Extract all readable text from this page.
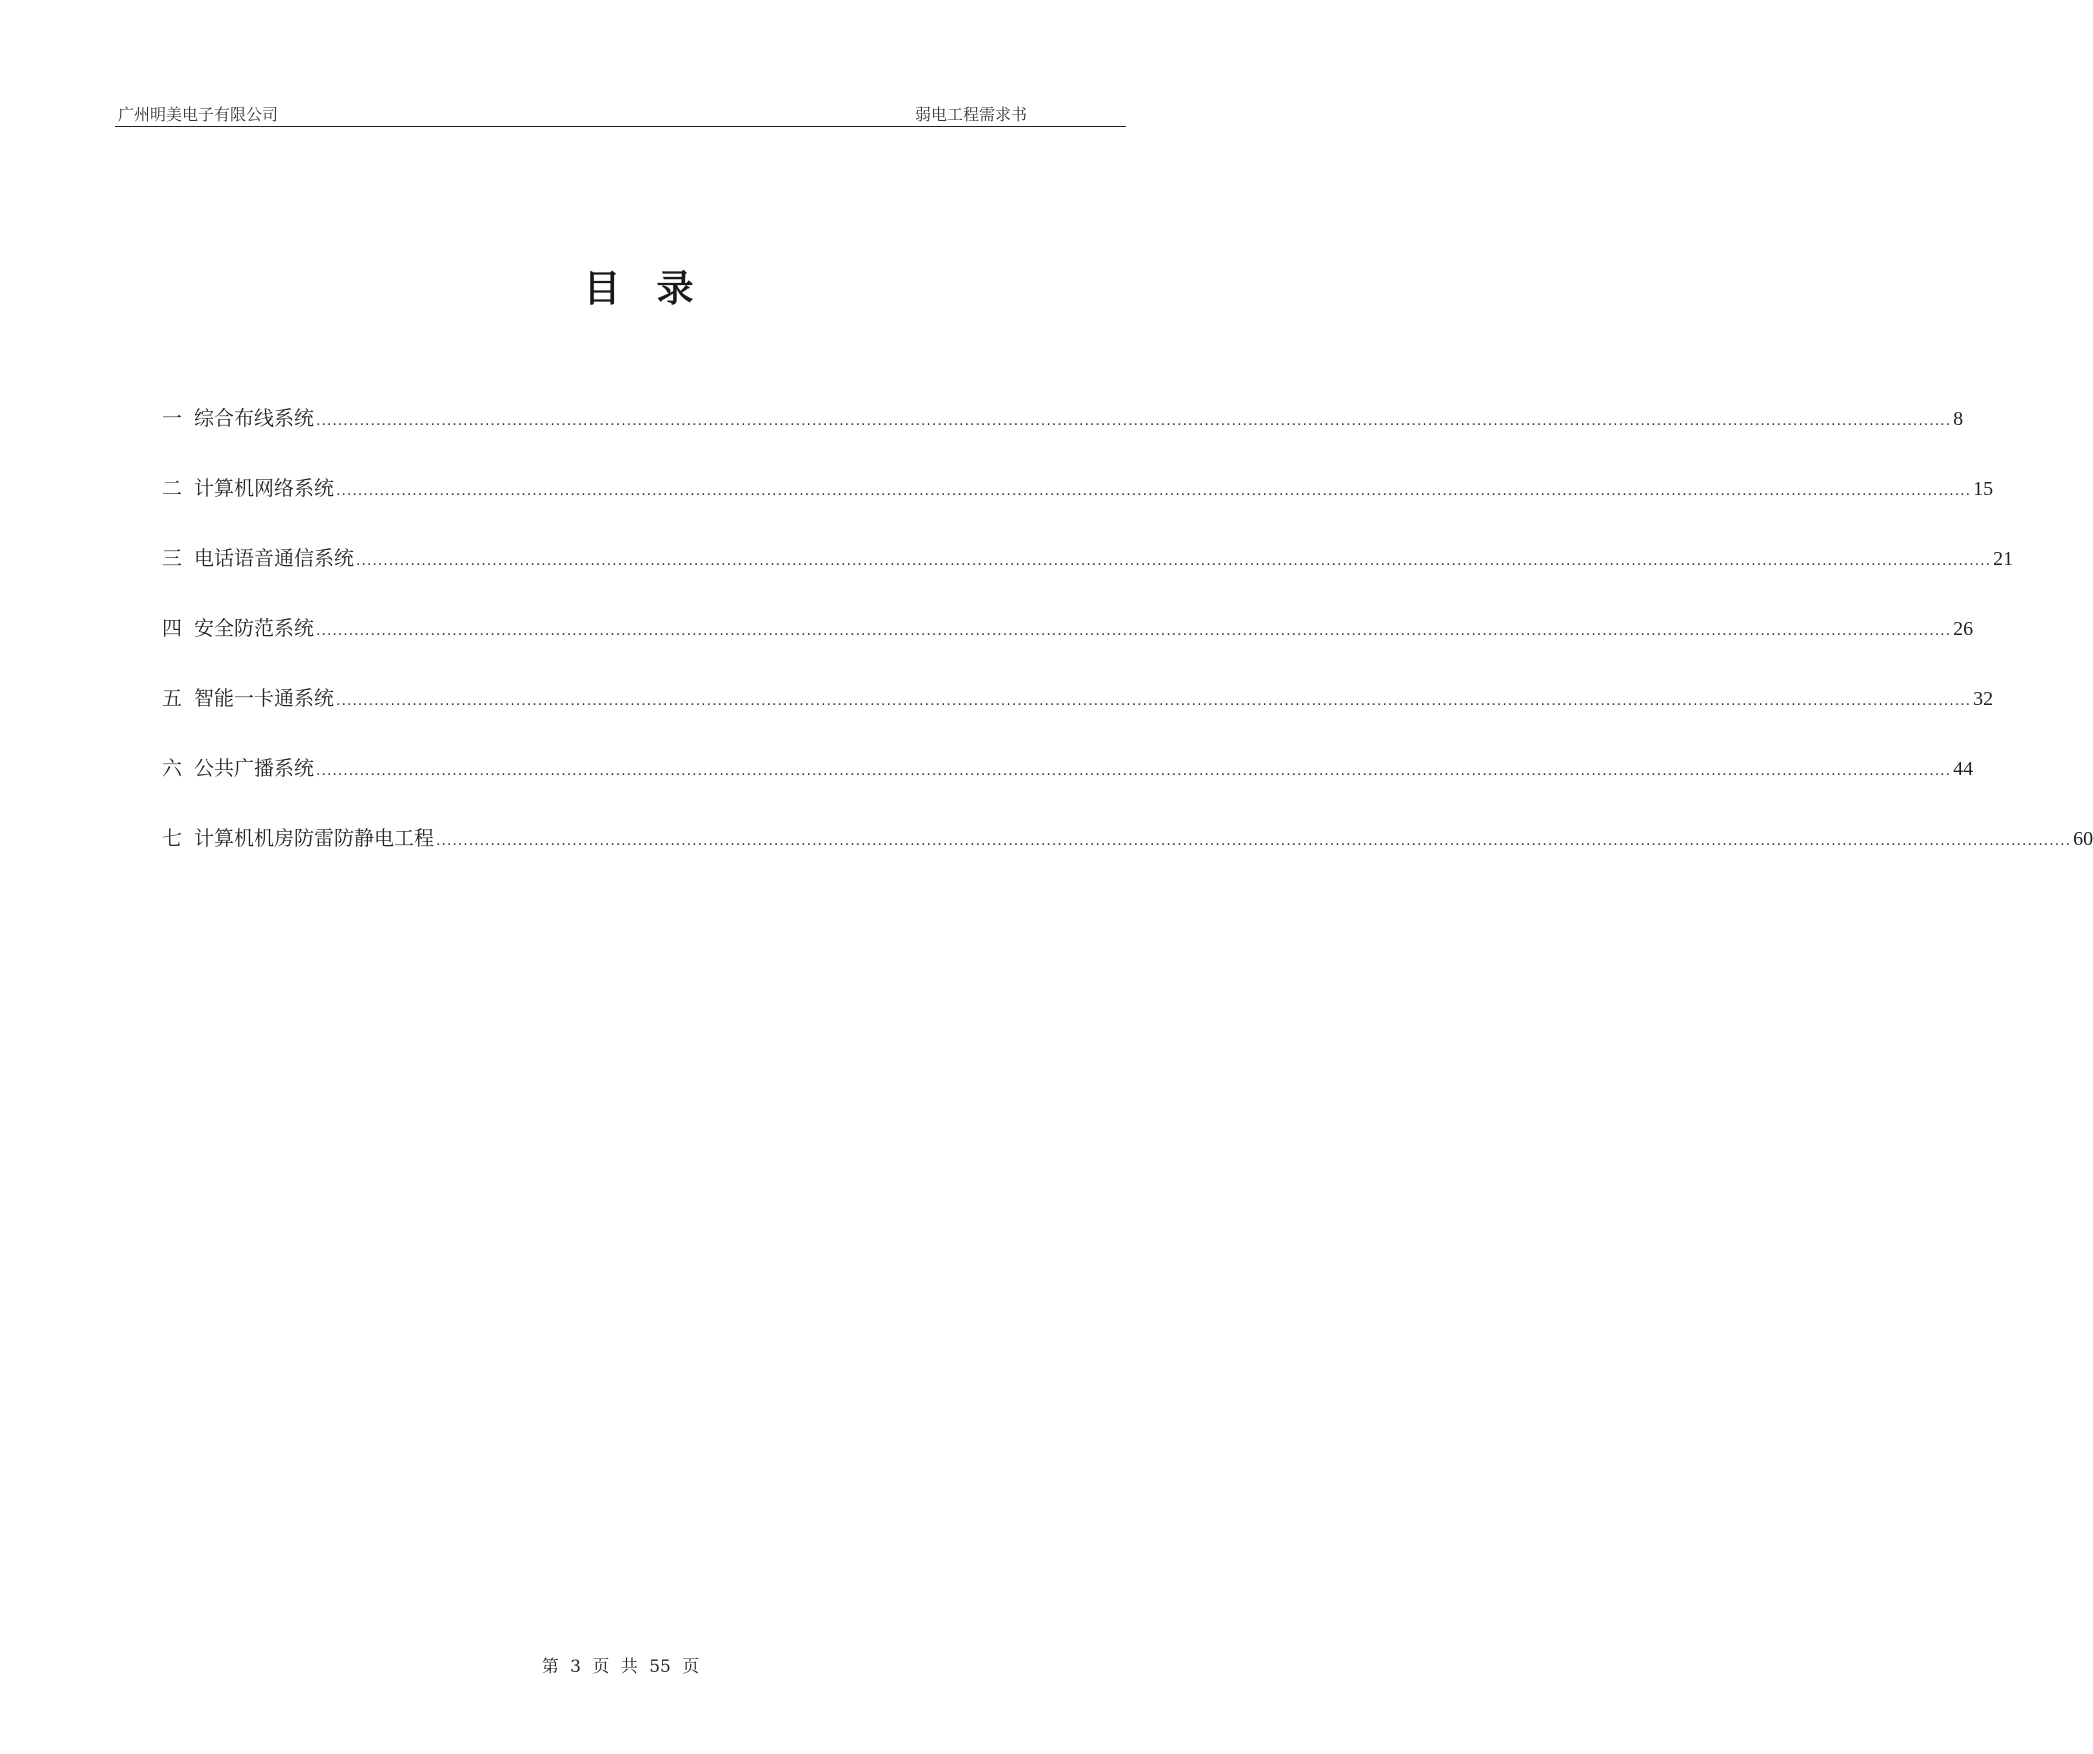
广州明美电子有限公司	弱电工程需求书
目录
一 综合布线系统 ............................................................................................................................................................................................................................................................................................................ 8
二 计算机网络系统 ............................................................................................................................................................................................................................................................................................................ 15
三 电话语音通信系统 ............................................................................................................................................................................................................................................................................................................ 21
四 安全防范系统 ............................................................................................................................................................................................................................................................................................................ 26
五 智能一卡通系统 ............................................................................................................................................................................................................................................................................................................ 32
六 公共广播系统 ............................................................................................................................................................................................................................................................................................................ 44
七 计算机机房防雷防静电工程 ............................................................................................................................................................................................................................................................................................................ 60
第 3 页 共 55 页
